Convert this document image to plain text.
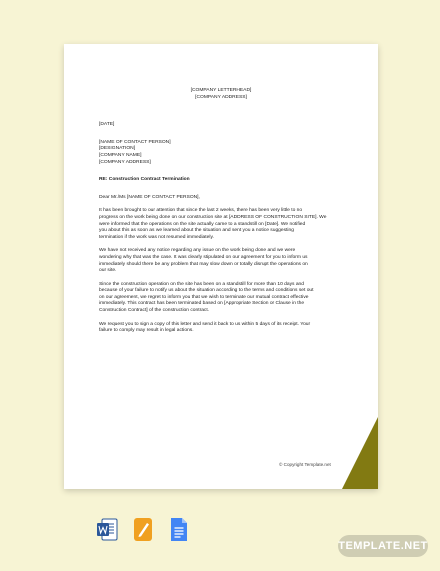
[COMPANY LETTERHEAD]
[COMPANY ADDRESS]
[DATE]
[NAME OF CONTACT PERSON]
[DESIGNATION]
[COMPANY NAME]
[COMPANY ADDRESS]
RE: Construction Contract Termination
Dear Mr./Ms [NAME OF CONTACT PERSON],
It has been brought to our attention that since the last 2 weeks, there has been very little to no
progress on the work being done on our construction site at [ADDRESS OF CONSTRUCTION SITE]. We
were informed that the operations on the site actually came to a standstill on [Date]. We notified
you about this as soon as we learned about the situation and sent you a notice suggesting
termination if the work was not resumed immediately.
We have not received any notice regarding any issue on the work being done and we were
wondering why that was the case. It was clearly stipulated on our agreement for you to inform us
immediately should there be any problem that may slow down or totally disrupt the operations on
our site.
Since the construction operation on the site has been on a standstill for more than 10 days and
because of your failure to notify us about the situation according to the terms and conditions set out
on our agreement, we regret to inform you that we wish to terminate our mutual contract effective
immediately. This contract has been terminated based on [Appropriate Section or Clause in the
Construction Contract] of the construction contract.
We request you to sign a copy of this letter and send it back to us within 5 days of its receipt. Your
failure to comply may result in legal actions.
© Copyright Template.net
TEMPLATE.NET
